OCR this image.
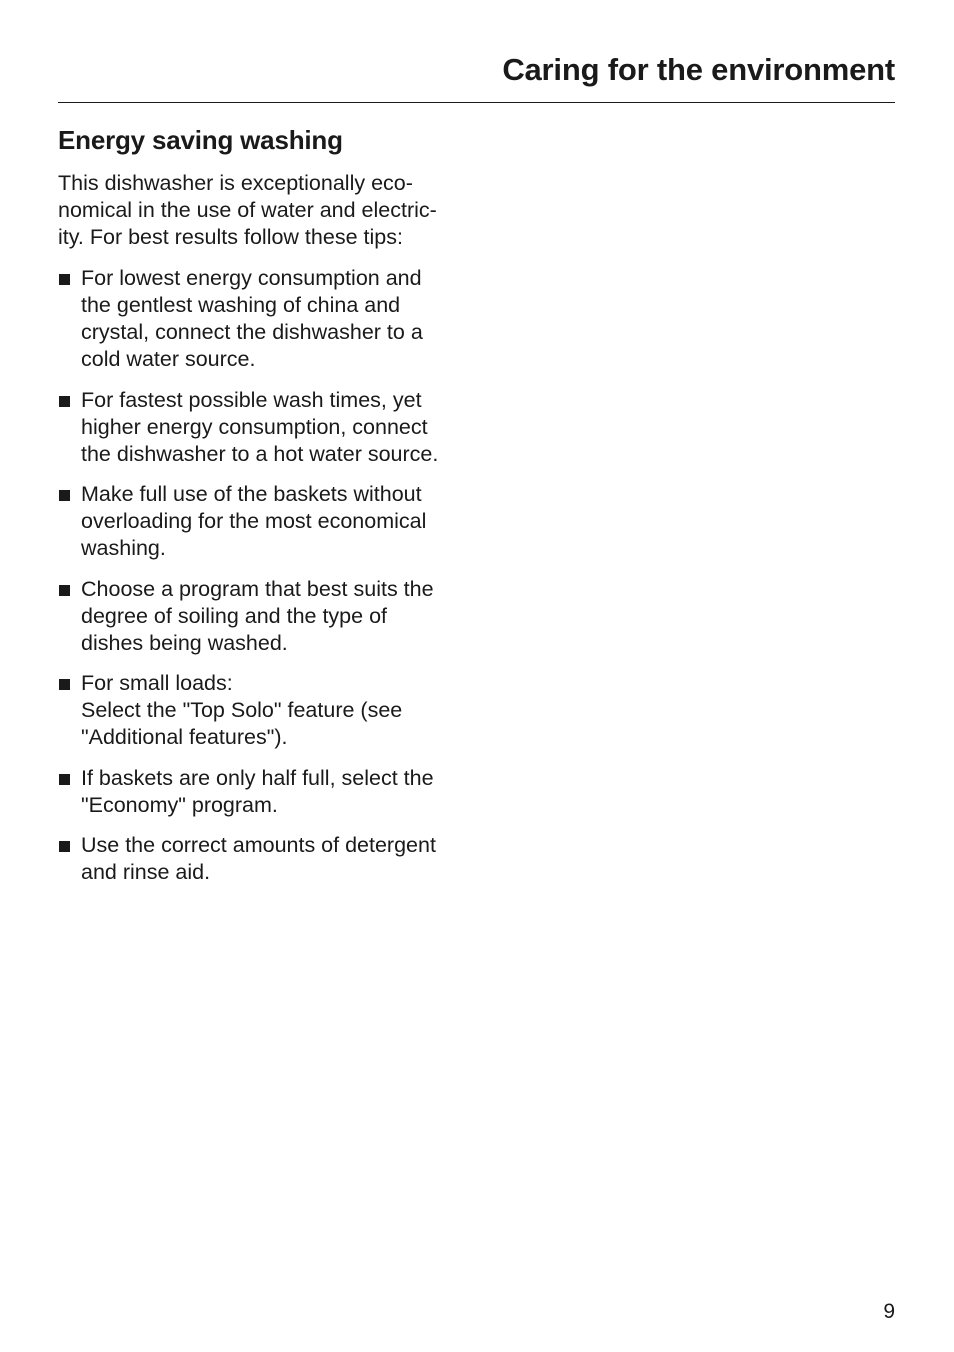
Caring for the environment
Energy saving washing

This dishwasher is exceptionally eco-
nomical in the use of water and electric-
ity. For best results follow these tips:

For lowest energy consumption and
the gentlest washing of china and
crystal, connect the dishwasher to a
cold water source.
For fastest possible wash times, yet
higher energy consumption, connect
the dishwasher to a hot water source.
Make full use of the baskets without
overloading for the most economical
washing.
Choose a program that best suits the
degree of soiling and the type of
dishes being washed.
For small loads:
Select the "Top Solo" feature (see
"Additional features").
If baskets are only half full, select the
"Economy" program.
Use the correct amounts of detergent
and rinse aid.
9
